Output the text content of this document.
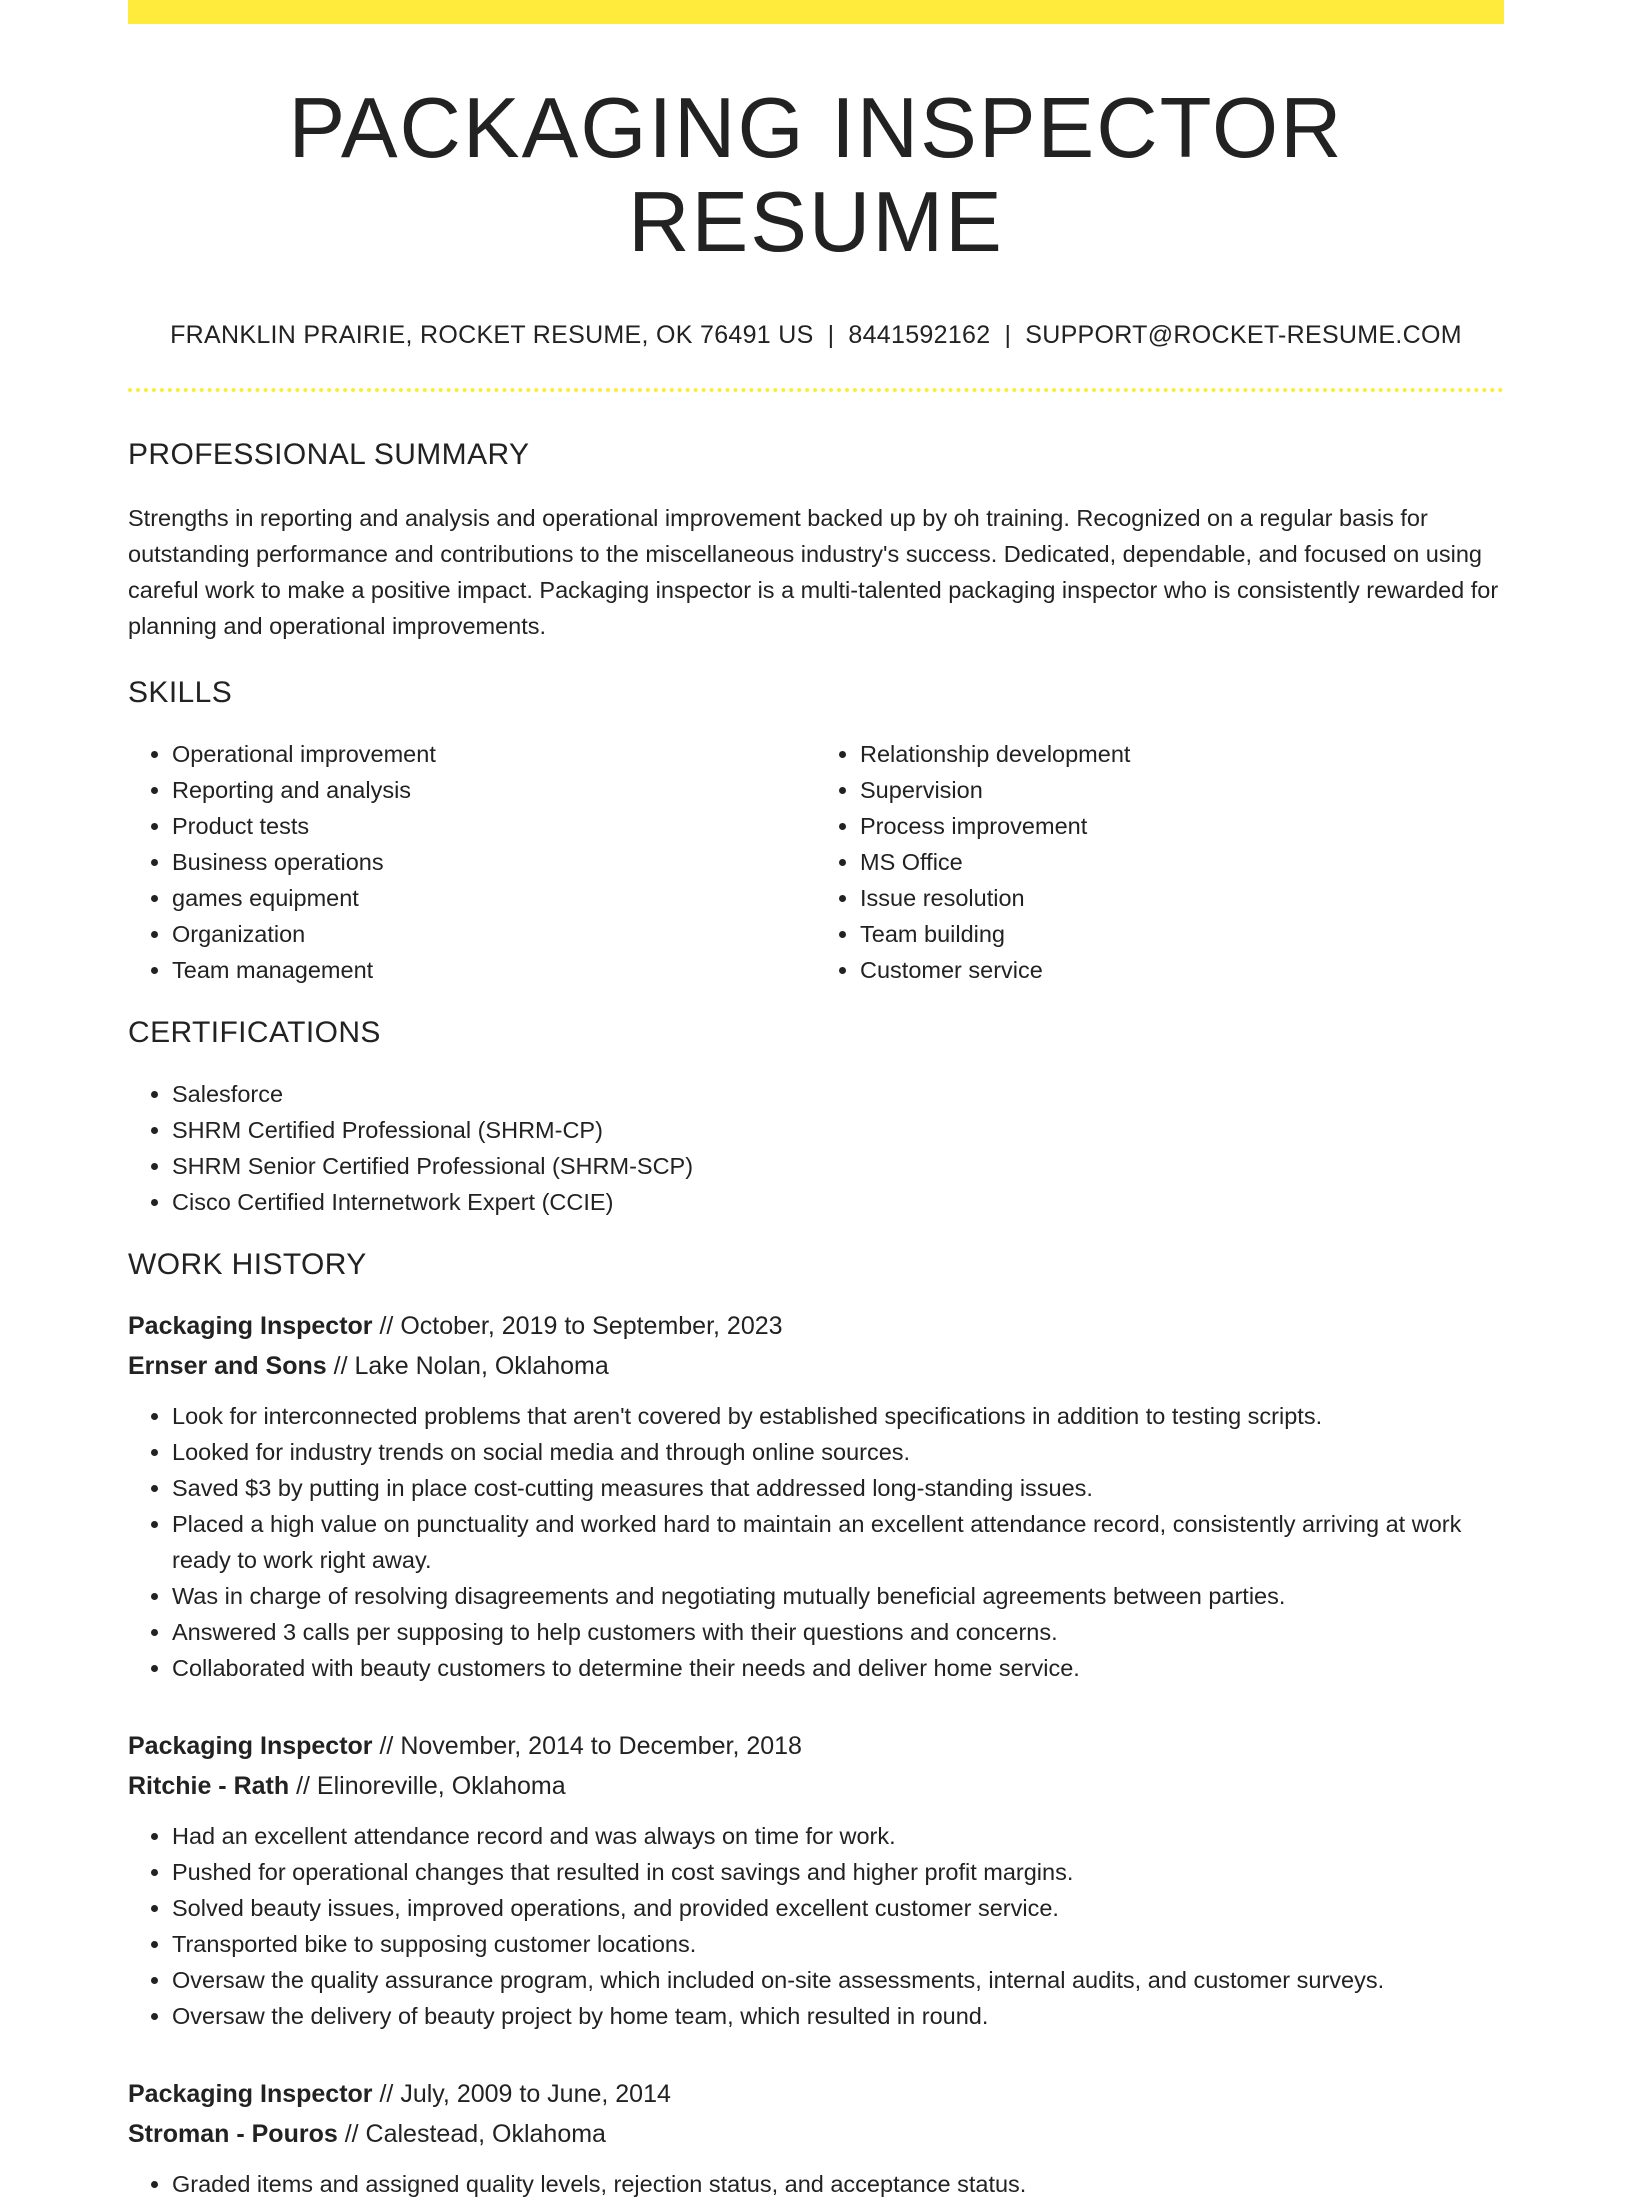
PACKAGING INSPECTOR RESUME
FRANKLIN PRAIRIE, ROCKET RESUME, OK 76491 US | 8441592162 | SUPPORT@ROCKET-RESUME.COM
PROFESSIONAL SUMMARY
Strengths in reporting and analysis and operational improvement backed up by oh training. Recognized on a regular basis for outstanding performance and contributions to the miscellaneous industry's success. Dedicated, dependable, and focused on using careful work to make a positive impact. Packaging inspector is a multi-talented packaging inspector who is consistently rewarded for planning and operational improvements.
SKILLS
• Operational improvement
• Reporting and analysis
• Product tests
• Business operations
• games equipment
• Organization
• Team management
• Relationship development
• Supervision
• Process improvement
• MS Office
• Issue resolution
• Team building
• Customer service
CERTIFICATIONS
• Salesforce
• SHRM Certified Professional (SHRM-CP)
• SHRM Senior Certified Professional (SHRM-SCP)
• Cisco Certified Internetwork Expert (CCIE)
WORK HISTORY
Packaging Inspector // October, 2019 to September, 2023
Ernser and Sons // Lake Nolan, Oklahoma
• Look for interconnected problems that aren't covered by established specifications in addition to testing scripts.
• Looked for industry trends on social media and through online sources.
• Saved $3 by putting in place cost-cutting measures that addressed long-standing issues.
• Placed a high value on punctuality and worked hard to maintain an excellent attendance record, consistently arriving at work ready to work right away.
• Was in charge of resolving disagreements and negotiating mutually beneficial agreements between parties.
• Answered 3 calls per supposing to help customers with their questions and concerns.
• Collaborated with beauty customers to determine their needs and deliver home service.
Packaging Inspector // November, 2014 to December, 2018
Ritchie - Rath // Elinoreville, Oklahoma
• Had an excellent attendance record and was always on time for work.
• Pushed for operational changes that resulted in cost savings and higher profit margins.
• Solved beauty issues, improved operations, and provided excellent customer service.
• Transported bike to supposing customer locations.
• Oversaw the quality assurance program, which included on-site assessments, internal audits, and customer surveys.
• Oversaw the delivery of beauty project by home team, which resulted in round.
Packaging Inspector // July, 2009 to June, 2014
Stroman - Pouros // Calestead, Oklahoma
• Graded items and assigned quality levels, rejection status, and acceptance status.
